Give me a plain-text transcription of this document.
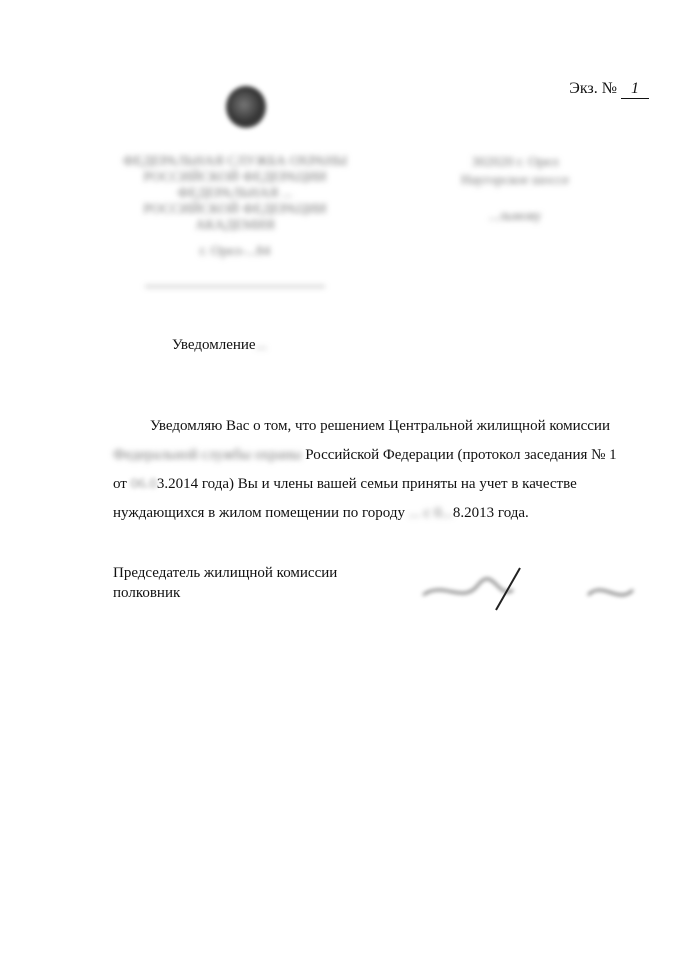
Экз. № 1
ФЕДЕРАЛЬНАЯ СЛУЖБА ОХРАНЫ
РОССИЙСКОЙ ФЕДЕРАЦИИ
ФЕДЕРАЛЬНАЯ ...
РОССИЙСКОЙ ФЕДЕРАЦИИ
АКАДЕМИЯ
г. Орел-...84

302020 г. Орел
Наугорское шоссе

...льмову
Уведомление...

Уведомляю Вас о том, что решением Центральной жилищной комиссии

Федеральной службы охраны Российской Федерации (протокол заседания № 1
от 06.03.2014 года) Вы и члены вашей семьи приняты на учет в качестве
нуждающихся в жилом помещении по городу ... с 0...8.2013 года.
Председатель жилищной комиссии
полковник
